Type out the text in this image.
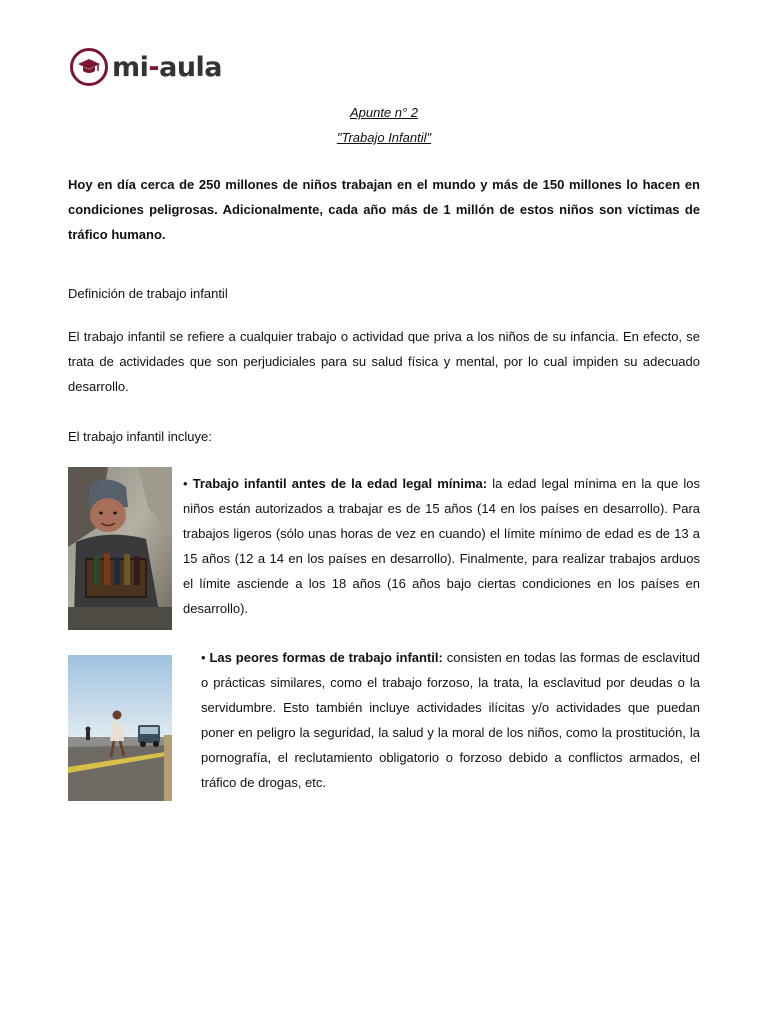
mi-aula
Apunte n° 2
"Trabajo Infantil"

Hoy en día cerca de 250 millones de niños trabajan en el mundo y más de 150 millones lo hacen en condiciones peligrosas. Adicionalmente, cada año más de 1 millón de estos niños son víctimas de tráfico humano.

Definición de trabajo infantil

El trabajo infantil se refiere a cualquier trabajo o actividad que priva a los niños de su infancia. En efecto, se trata de actividades que son perjudiciales para su salud física y mental, por lo cual impiden su adecuado desarrollo.

El trabajo infantil incluye:

• Trabajo infantil antes de la edad legal mínima: la edad legal mínima en la que los niños están autorizados a trabajar es de 15 años (14 en los países en desarrollo). Para trabajos ligeros (sólo unas horas de vez en cuando) el límite mínimo de edad es de 13 a 15 años (12 a 14 en los países en desarrollo). Finalmente, para realizar trabajos arduos el límite asciende a los 18 años (16 años bajo ciertas condiciones en los países en desarrollo).

• Las peores formas de trabajo infantil: consisten en todas las formas de esclavitud o prácticas similares, como el trabajo forzoso, la trata, la esclavitud por deudas o la servidumbre. Esto también incluye actividades ilícitas y/o actividades que puedan poner en peligro la seguridad, la salud y la moral de los niños, como la prostitución, la pornografía, el reclutamiento obligatorio o forzoso debido a conflictos armados, el tráfico de drogas, etc.
